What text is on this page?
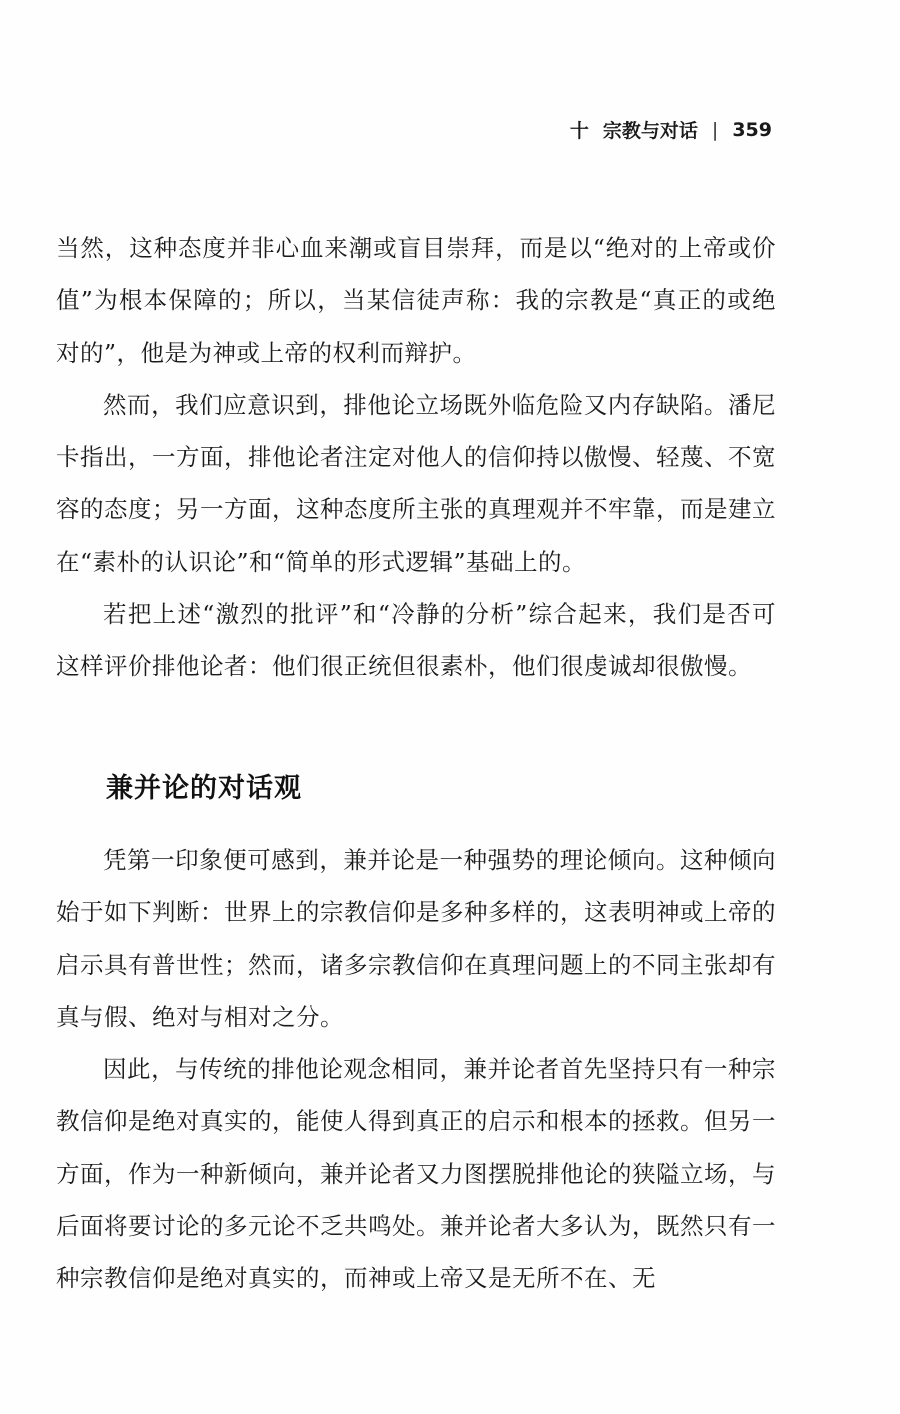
十 宗教与对话 | 359

当然，这种态度并非心血来潮或盲目崇拜，而是以“绝对的上帝或价值”为根本保障的；所以，当某信徒声称：我的宗教是“真正的或绝对的”，他是为神或上帝的权利而辩护。

然而，我们应意识到，排他论立场既外临危险又内存缺陷。潘尼卡指出，一方面，排他论者注定对他人的信仰持以傲慢、轻蔑、不宽容的态度；另一方面，这种态度所主张的真理观并不牢靠，而是建立在“素朴的认识论”和“简单的形式逻辑”基础上的。

若把上述“激烈的批评”和“冷静的分析”综合起来，我们是否可这样评价排他论者：他们很正统但很素朴，他们很虔诚却很傲慢。

兼并论的对话观

凭第一印象便可感到，兼并论是一种强势的理论倾向。这种倾向始于如下判断：世界上的宗教信仰是多种多样的，这表明神或上帝的启示具有普世性；然而，诸多宗教信仰在真理问题上的不同主张却有真与假、绝对与相对之分。

因此，与传统的排他论观念相同，兼并论者首先坚持只有一种宗教信仰是绝对真实的，能使人得到真正的启示和根本的拯救。但另一方面，作为一种新倾向，兼并论者又力图摆脱排他论的狭隘立场，与后面将要讨论的多元论不乏共鸣处。兼并论者大多认为，既然只有一种宗教信仰是绝对真实的，而神或上帝又是无所不在、无
